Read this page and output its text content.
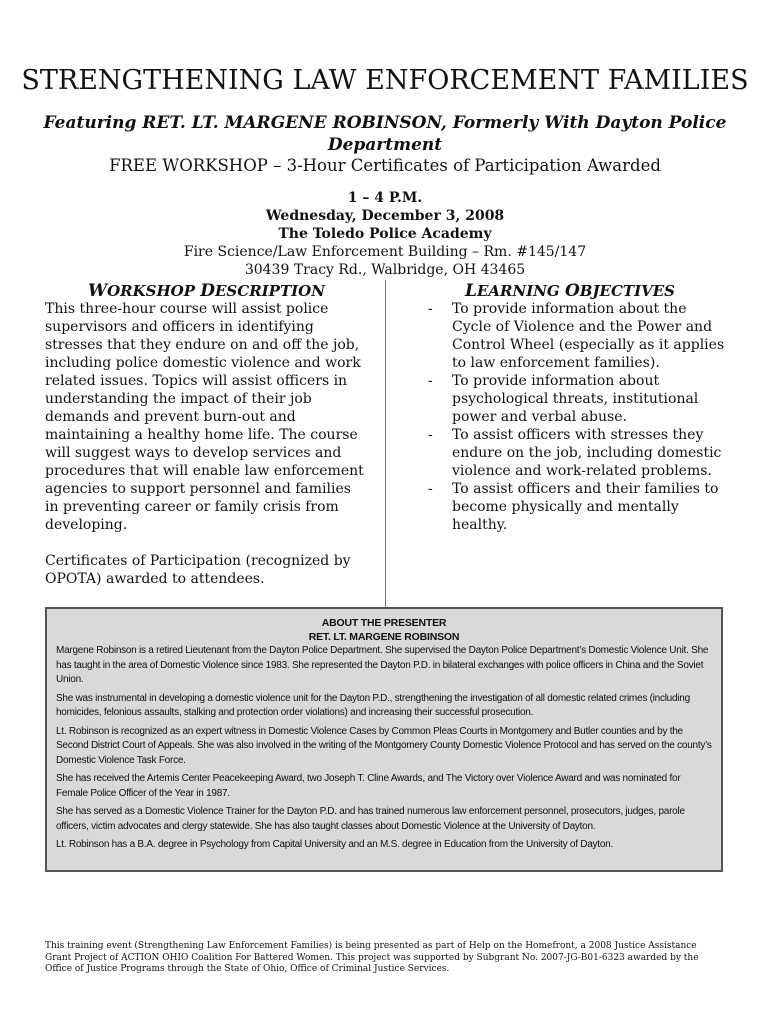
STRENGTHENING LAW ENFORCEMENT FAMILIES
Featuring RET. LT. MARGENE ROBINSON, Formerly With Dayton Police Department
FREE WORKSHOP – 3-Hour Certificates of Participation Awarded
1 – 4 P.M.
Wednesday, December 3, 2008
The Toledo Police Academy
Fire Science/Law Enforcement Building – Rm. #145/147
30439 Tracy Rd., Walbridge, OH 43465
WORKSHOP DESCRIPTION	LEARNING OBJECTIVES

This three-hour course will assist police supervisors and officers in identifying stresses that they endure on and off the job, including police domestic violence and work related issues. Topics will assist officers in understanding the impact of their job demands and prevent burn-out and maintaining a healthy home life. The course will suggest ways to develop services and procedures that will enable law enforcement agencies to support personnel and families in preventing career or family crisis from developing.

Certificates of Participation (recognized by OPOTA) awarded to attendees.

- To provide information about the Cycle of Violence and the Power and Control Wheel (especially as it applies to law enforcement families).
- To provide information about psychological threats, institutional power and verbal abuse.
- To assist officers with stresses they endure on the job, including domestic violence and work-related problems.
- To assist officers and their families to become physically and mentally healthy.
ABOUT THE PRESENTER
RET. LT. MARGENE ROBINSON

Margene Robinson is a retired Lieutenant from the Dayton Police Department. She supervised the Dayton Police Department’s Domestic Violence Unit. She has taught in the area of Domestic Violence since 1983. She represented the Dayton P.D. in bilateral exchanges with police officers in China and the Soviet Union.

She was instrumental in developing a domestic violence unit for the Dayton P.D., strengthening the investigation of all domestic related crimes (including homicides, felonious assaults, stalking and protection order violations) and increasing their successful prosecution.

Lt. Robinson is recognized as an expert witness in Domestic Violence Cases by Common Pleas Courts in Montgomery and Butler counties and by the Second District Court of Appeals. She was also involved in the writing of the Montgomery County Domestic Violence Protocol and has served on the county’s Domestic Violence Task Force.

She has received the Artemis Center Peacekeeping Award, two Joseph T. Cline Awards, and The Victory over Violence Award and was nominated for Female Police Officer of the Year in 1987.

She has served as a Domestic Violence Trainer for the Dayton P.D. and has trained numerous law enforcement personnel, prosecutors, judges, parole officers, victim advocates and clergy statewide. She has also taught classes about Domestic Violence at the University of Dayton.

Lt. Robinson has a B.A. degree in Psychology from Capital University and an M.S. degree in Education from the University of Dayton.

This training event (Strengthening Law Enforcement Families) is being presented as part of Help on the Homefront, a 2008 Justice Assistance Grant Project of ACTION OHIO Coalition For Battered Women. This project was supported by Subgrant No. 2007-JG-B01-6323 awarded by the Office of Justice Programs through the State of Ohio, Office of Criminal Justice Services.
